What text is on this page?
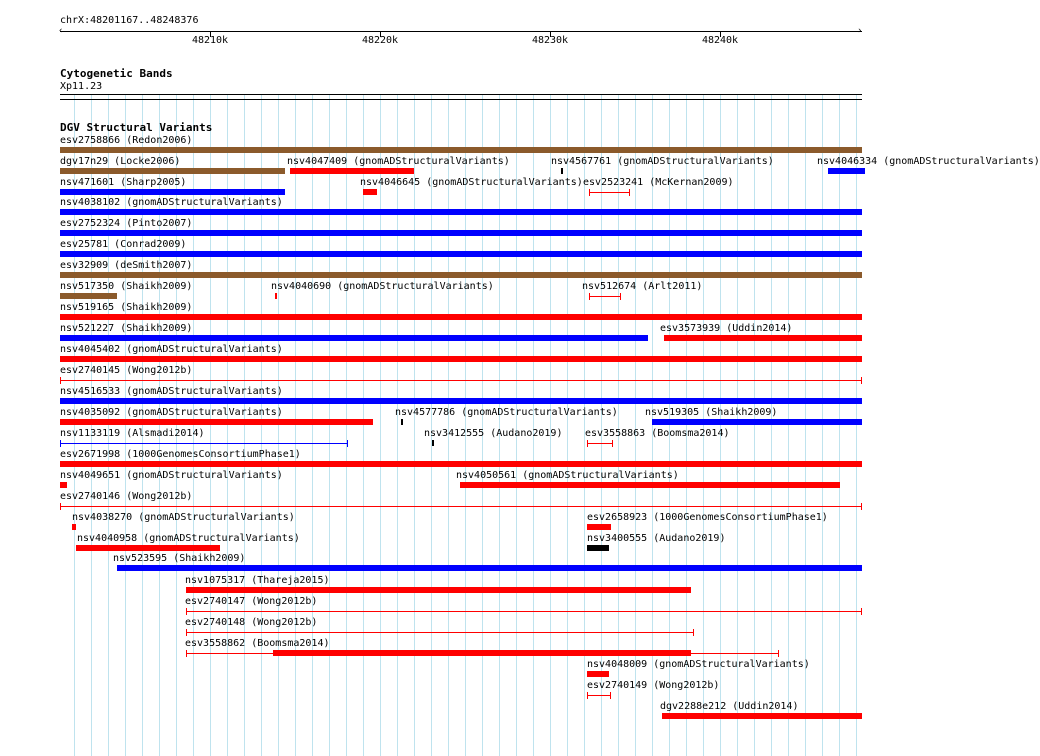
chrX:48201167..48248376
‹	›
48210k	48220k	48230k	48240k
Cytogenetic Bands
Xp11.23
DGV Structural Variants
esv2758866 (Redon2006)
dgv17n29 (Locke2006)	nsv4047409 (gnomADStructuralVariants)	nsv4567761 (gnomADStructuralVariants)	nsv4046334 (gnomADStructuralVariants)
nsv471601 (Sharp2005)	nsv4046645 (gnomADStructuralVariants) esv2523241 (McKernan2009)
nsv4038102 (gnomADStructuralVariants)
esv2752324 (Pinto2007)
esv25781 (Conrad2009)
esv32909 (deSmith2007)
nsv517350 (Shaikh2009)	nsv4040690 (gnomADStructuralVariants)	nsv512674 (Arlt2011)
nsv519165 (Shaikh2009)
nsv521227 (Shaikh2009)	esv3573939 (Uddin2014)
nsv4045402 (gnomADStructuralVariants)
esv2740145 (Wong2012b)
nsv4516533 (gnomADStructuralVariants)
nsv4035092 (gnomADStructuralVariants)	nsv4577786 (gnomADStructuralVariants)	nsv519305 (Shaikh2009)
nsv1133119 (Alsmadi2014)	nsv3412555 (Audano2019) esv3558863 (Boomsma2014)
esv2671998 (1000GenomesConsortiumPhase1)
nsv4049651 (gnomADStructuralVariants)	nsv4050561 (gnomADStructuralVariants)
esv2740146 (Wong2012b)
nsv4038270 (gnomADStructuralVariants)	esv2658923 (1000GenomesConsortiumPhase1)
nsv4040958 (gnomADStructuralVariants)	nsv3400555 (Audano2019)
nsv523595 (Shaikh2009)
nsv1075317 (Thareja2015)
esv2740147 (Wong2012b)
esv2740148 (Wong2012b)
esv3558862 (Boomsma2014)
nsv4048009 (gnomADStructuralVariants)
esv2740149 (Wong2012b)
dgv2288e212 (Uddin2014)
